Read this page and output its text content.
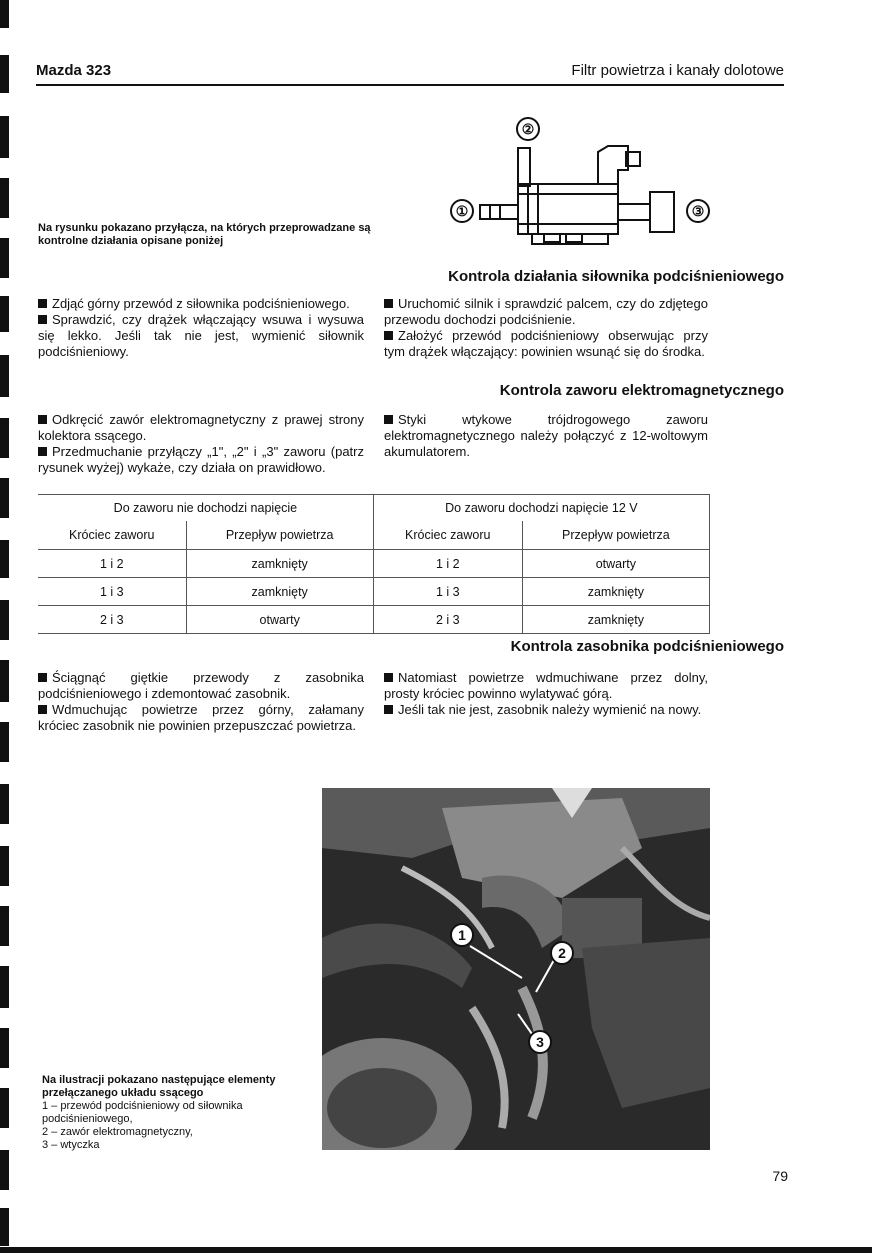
Mazda 323	Filtr powietrza i kanały dolotowe
②
①	③
Na rysunku pokazano przyłącza, na których przeprowadzane są kontrolne działania opisane poniżej
Kontrola działania siłownika podciśnieniowego
Zdjąć górny przewód z siłownika podciśnieniowego.
Sprawdzić, czy drążek włączający wsuwa i wysuwa się lekko. Jeśli tak nie jest, wymienić siłownik podciśnieniowy.
Uruchomić silnik i sprawdzić palcem, czy do zdjętego przewodu dochodzi podciśnienie.
Założyć przewód podciśnieniowy obserwując przy tym drążek włączający: powinien wsunąć się do środka.
Kontrola zaworu elektromagnetycznego
Odkręcić zawór elektromagnetyczny z prawej strony kolektora ssącego.
Przedmuchanie przyłączy „1", „2" i „3" zaworu (patrz rysunek wyżej) wykaże, czy działa on prawidłowo.
Styki wtykowe trójdrogowego zaworu elektromagnetycznego należy połączyć z 12-woltowym akumulatorem.
Do zaworu nie dochodzi napięcie		Do zaworu dochodzi napięcie 12 V	
Króciec zaworu	Przepływ powietrza	Króciec zaworu	Przepływ powietrza
1 i 2	zamknięty	1 i 2	otwarty
1 i 3	zamknięty	1 i 3	zamknięty
2 i 3	otwarty	2 i 3	zamknięty
Kontrola zasobnika podciśnieniowego
Ściągnąć giętkie przewody z zasobnika podciśnieniowego i zdemontować zasobnik.
Wdmuchując powietrze przez górny, załamany króciec zasobnik nie powinien przepuszczać powietrza.
Natomiast powietrze wdmuchiwane przez dolny, prosty króciec powinno wylatywać górą.
Jeśli tak nie jest, zasobnik należy wymienić na nowy.
1
2
3
Na ilustracji pokazano następujące elementy przełączanego układu ssącego
1 – przewód podciśnieniowy od siłownika podciśnieniowego,
2 – zawór elektromagnetyczny,
3 – wtyczka
79
